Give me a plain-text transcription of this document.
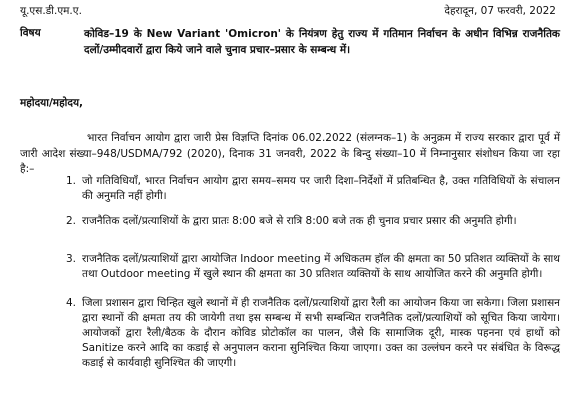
यू.एस.डी.एम.ए.	देहरादून, 07 फरवरी, 2022

विषय	कोविड–19 के New Variant 'Omicron' के नियंत्रण हेतु राज्य में गतिमान निर्वाचन के अधीन विभिन्न राजनैतिक दलों/उम्मीदवारों द्वारा किये जाने वाले चुनाव प्रचार–प्रसार के सम्बन्ध में।

महोदया/महोदय,

भारत निर्वाचन आयोग द्वारा जारी प्रेस विज्ञप्ति दिनांक 06.02.2022 (संलग्नक–1) के अनुक्रम में राज्य सरकार द्वारा पूर्व में जारी आदेश संख्या–948/USDMA/792 (2020), दिनाक 31 जनवरी, 2022 के बिन्दु संख्या–10 में निम्नानुसार संशोधन किया जा रहा है:–

1. जो गतिविधियाँ, भारत निर्वाचन आयोग द्वारा समय–समय पर जारी दिशा–निर्देशों में प्रतिबन्धित है, उक्त गतिविधियों के संचालन की अनुमति नहीं होगी।

2. राजनैतिक दलों/प्रत्याशियों के द्वारा प्रातः 8:00 बजे से रात्रि 8:00 बजे तक ही चुनाव प्रचार प्रसार की अनुमति होगी।

3. राजनैतिक दलों/प्रत्याशियों द्वारा आयोजित Indoor meeting में अधिकतम हॉल की क्षमता का 50 प्रतिशत व्यक्तियों के साथ तथा Outdoor meeting में खुले स्थान की क्षमता का 30 प्रतिशत व्यक्तियों के साथ आयोजित करने की अनुमति होगी।

4. जिला प्रशासन द्वारा चिन्हित खुले स्थानों में ही राजनैतिक दलों/प्रत्याशियों द्वारा रैली का आयोजन किया जा सकेगा। जिला प्रशासन द्वारा स्थानों की क्षमता तय की जायेगी तथा इस सम्बन्ध में सभी सम्बन्धित राजनैतिक दलों/प्रत्याशियों को सूचित किया जायेगा। आयोजकों द्वारा रैली/बैठक के दौरान कोविड प्रोटोकॉल का पालन, जैसे कि सामाजिक दूरी, मास्क पहनना एवं हाथों को Sanitize करने आदि का कडाई से अनुपालन कराना सुनिश्चित किया जाएगा। उक्त का उल्लंघन करने पर संबंधित के विरूद्ध कडाई से कार्यवाही सुनिश्चित की जाएगी।
